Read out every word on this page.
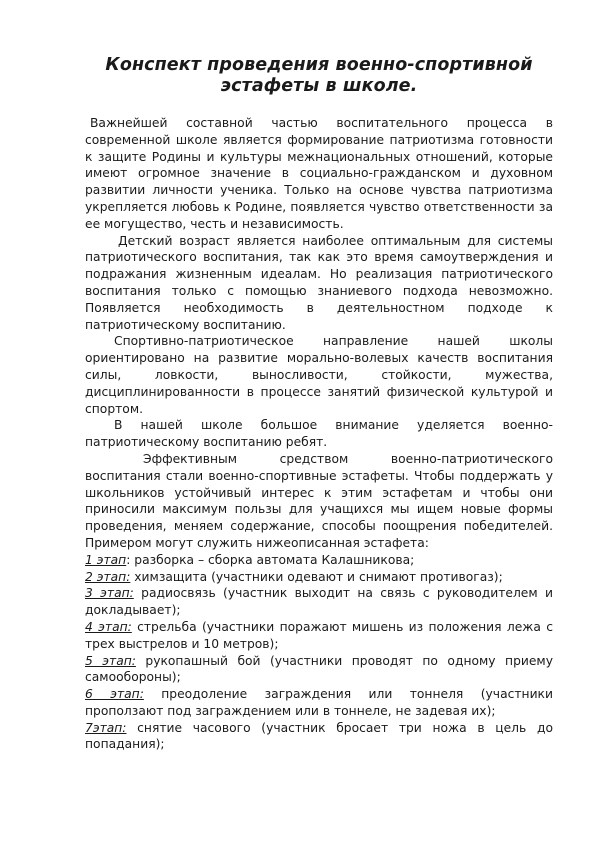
Конспект проведения военно-спортивной
эстафеты в школе.

Важнейшей составной частью воспитательного процесса в современной школе является формирование патриотизма готовности к защите Родины и культуры межнациональных отношений, которые имеют огромное значение в социально-гражданском и духовном развитии личности ученика. Только на основе чувства патриотизма укрепляется любовь к Родине, появляется чувство ответственности за ее могущество, честь и независимость.

Детский возраст является наиболее оптимальным для системы патриотического воспитания, так как это время самоутверждения и подражания жизненным идеалам. Но реализация патриотического воспитания только с помощью знаниевого подхода невозможно. Появляется необходимость в деятельностном подходе к патриотическому воспитанию.

Спортивно-патриотическое направление нашей школы ориентировано на развитие морально-волевых качеств воспитания силы, ловкости, выносливости, стойкости, мужества, дисциплинированности в процессе занятий физической культурой и спортом.

В нашей школе большое внимание уделяется военно-патриотическому воспитанию ребят.

Эффективным средством военно-патриотического воспитания стали военно-спортивные эстафеты. Чтобы поддержать у школьников устойчивый интерес к этим эстафетам и чтобы они приносили максимум пользы для учащихся мы ищем новые формы проведения, меняем содержание, способы поощрения победителей. Примером могут служить нижеописанная эстафета:

1 этап: разборка – сборка автомата Калашникова;

2 этап: химзащита (участники одевают и снимают противогаз);

3 этап: радиосвязь (участник выходит на связь с руководителем и докладывает);

4 этап: стрельба (участники поражают мишень из положения лежа с трех выстрелов и 10 метров);

5 этап: рукопашный бой (участники проводят по одному приему самообороны);

6 этап: преодоление заграждения или тоннеля (участники проползают под заграждением или в тоннеле, не задевая их);

7этап: снятие часового (участник бросает три ножа в цель до попадания);
